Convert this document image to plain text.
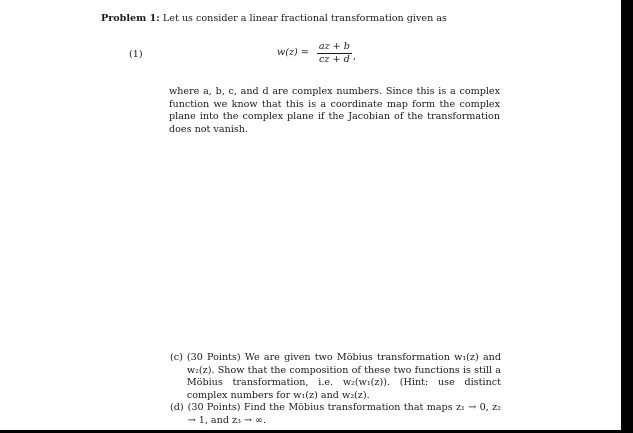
Problem 1: Let us consider a linear fractional transformation given as
(1)	$w(z) = \frac{az + b}{cz + d}$ ,
where a, b, c, and d are complex numbers. Since this is a complex function we know that this is a coordinate map form the complex plane into the complex plane if the Jacobian of the transformation does not vanish.
(c) (30 Points) We are given two Möbius transformation w₁(z) and w₂(z). Show that the composition of these two functions is still a Möbius transformation, i.e. w₂(w₁(z)). (Hint: use distinct complex numbers for w₁(z) and w₂(z).
(d) (30 Points) Find the Möbius transformation that maps z₁ → 0, z₂ → 1, and z₃ → ∞.
